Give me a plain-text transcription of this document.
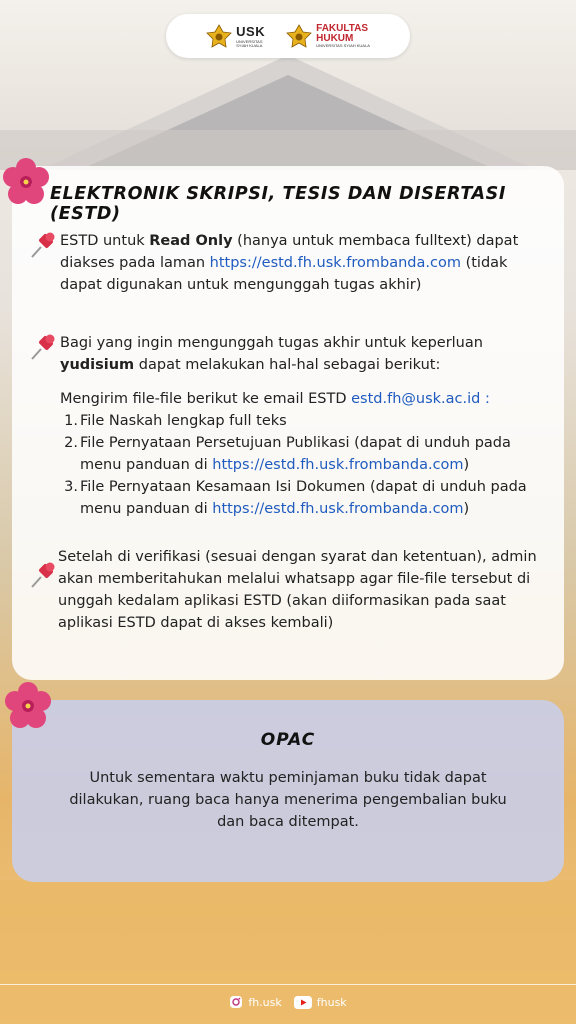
USK
UNIVERSITAS SYIAH KUALA
FAKULTAS
HUKUM
UNIVERSITAS SYIAH KUALA
ELEKTRONIK SKRIPSI, TESIS DAN DISERTASI (ESTD)
ESTD untuk Read Only (hanya untuk membaca fulltext) dapat diakses pada laman https://estd.fh.usk.frombanda.com (tidak dapat digunakan untuk mengunggah tugas akhir)
Bagi yang ingin mengunggah tugas akhir untuk keperluan yudisium dapat melakukan hal-hal sebagai berikut:
Mengirim file-file berikut ke email ESTD estd.fh@usk.ac.id :
1. File Naskah lengkap full teks
2. File Pernyataan Persetujuan Publikasi (dapat di unduh pada menu panduan di https://estd.fh.usk.frombanda.com)
3. File Pernyataan Kesamaan Isi Dokumen (dapat di unduh pada menu panduan di https://estd.fh.usk.frombanda.com)
Setelah di verifikasi (sesuai dengan syarat dan ketentuan), admin akan memberitahukan melalui whatsapp agar file-file tersebut di unggah kedalam aplikasi ESTD (akan diiformasikan pada saat aplikasi ESTD dapat di akses kembali)
OPAC
Untuk sementara waktu peminjaman buku tidak dapat dilakukan, ruang baca hanya menerima pengembalian buku dan baca ditempat.
fh.usk	fhusk
